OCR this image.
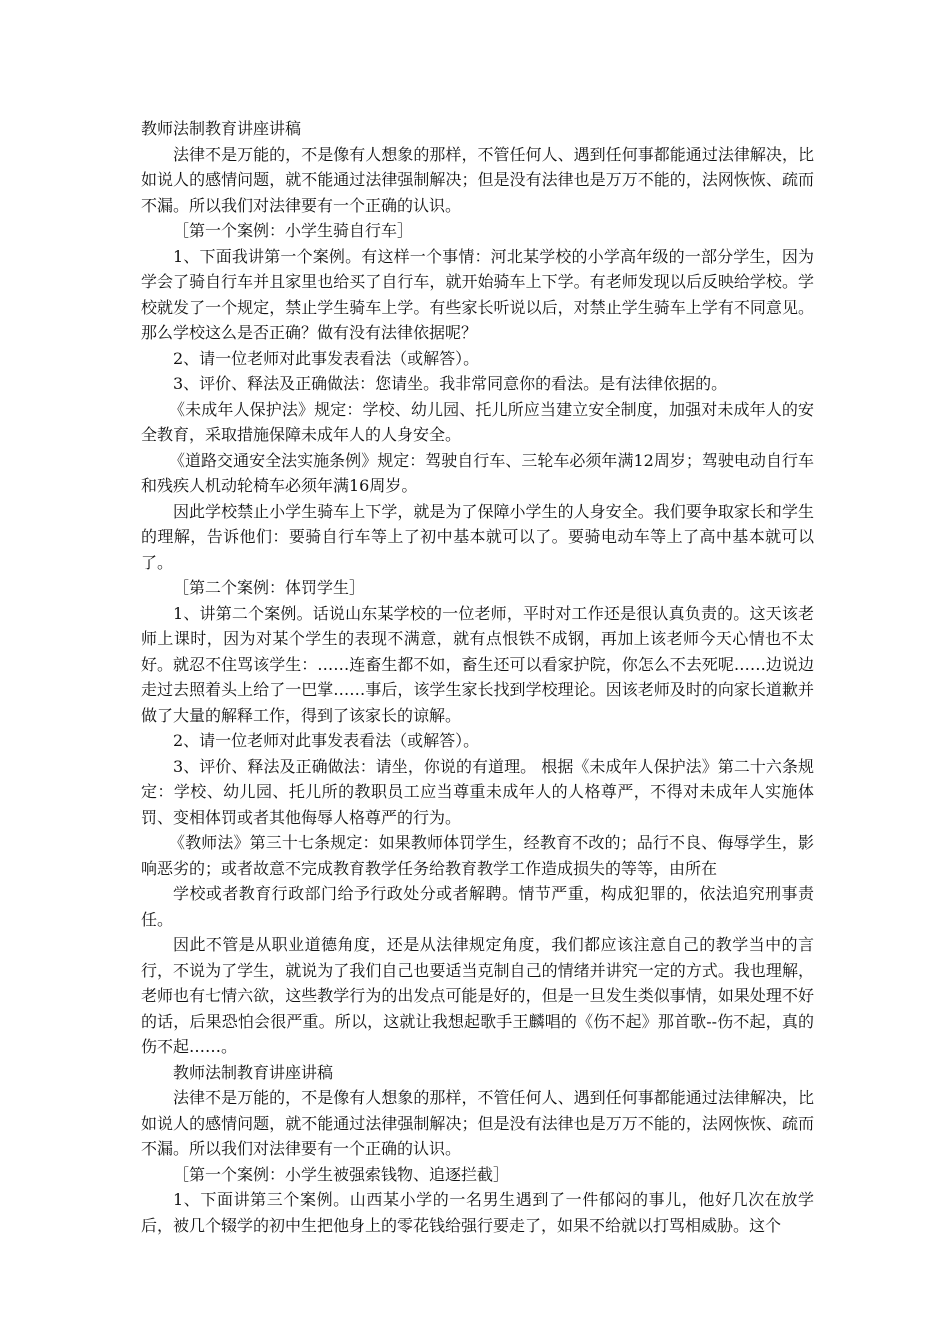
教师法制教育讲座讲稿

法律不是万能的，不是像有人想象的那样，不管任何人、遇到任何事都能通过法律解决，比如说人的感情问题，就不能通过法律强制解决；但是没有法律也是万万不能的，法网恢恢、疏而不漏。所以我们对法律要有一个正确的认识。

［第一个案例：小学生骑自行车］

1、下面我讲第一个案例。有这样一个事情：河北某学校的小学高年级的一部分学生，因为学会了骑自行车并且家里也给买了自行车，就开始骑车上下学。有老师发现以后反映给学校。学校就发了一个规定，禁止学生骑车上学。有些家长听说以后，对禁止学生骑车上学有不同意见。那么学校这么是否正确？做有没有法律依据呢？

2、请一位老师对此事发表看法（或解答）。

3、评价、释法及正确做法：您请坐。我非常同意你的看法。是有法律依据的。

《未成年人保护法》规定：学校、幼儿园、托儿所应当建立安全制度，加强对未成年人的安全教育，采取措施保障未成年人的人身安全。

《道路交通安全法实施条例》规定：驾驶自行车、三轮车必须年满12周岁；驾驶电动自行车和残疾人机动轮椅车必须年满16周岁。

因此学校禁止小学生骑车上下学，就是为了保障小学生的人身安全。我们要争取家长和学生的理解，告诉他们：要骑自行车等上了初中基本就可以了。要骑电动车等上了高中基本就可以了。

［第二个案例：体罚学生］

1、讲第二个案例。话说山东某学校的一位老师，平时对工作还是很认真负责的。这天该老师上课时，因为对某个学生的表现不满意，就有点恨铁不成钢，再加上该老师今天心情也不太好。就忍不住骂该学生：……连畜生都不如，畜生还可以看家护院，你怎么不去死呢……边说边走过去照着头上给了一巴掌……事后，该学生家长找到学校理论。因该老师及时的向家长道歉并做了大量的解释工作，得到了该家长的谅解。

2、请一位老师对此事发表看法（或解答）。

3、评价、释法及正确做法：请坐，你说的有道理。 根据《未成年人保护法》第二十六条规定：学校、幼儿园、托儿所的教职员工应当尊重未成年人的人格尊严，不得对未成年人实施体罚、变相体罚或者其他侮辱人格尊严的行为。

《教师法》第三十七条规定：如果教师体罚学生，经教育不改的；品行不良、侮辱学生，影响恶劣的；或者故意不完成教育教学任务给教育教学工作造成损失的等等，由所在

学校或者教育行政部门给予行政处分或者解聘。情节严重，构成犯罪的，依法追究刑事责任。

因此不管是从职业道德角度，还是从法律规定角度，我们都应该注意自己的教学当中的言行，不说为了学生，就说为了我们自己也要适当克制自己的情绪并讲究一定的方式。我也理解，老师也有七情六欲，这些教学行为的出发点可能是好的，但是一旦发生类似事情，如果处理不好的话，后果恐怕会很严重。所以，这就让我想起歌手王麟唱的《伤不起》那首歌--伤不起，真的伤不起……。

教师法制教育讲座讲稿

法律不是万能的，不是像有人想象的那样，不管任何人、遇到任何事都能通过法律解决，比如说人的感情问题，就不能通过法律强制解决；但是没有法律也是万万不能的，法网恢恢、疏而不漏。所以我们对法律要有一个正确的认识。

［第一个案例：小学生被强索钱物、追逐拦截］

1、下面讲第三个案例。山西某小学的一名男生遇到了一件郁闷的事儿，他好几次在放学后，被几个辍学的初中生把他身上的零花钱给强行要走了，如果不给就以打骂相威胁。这个
